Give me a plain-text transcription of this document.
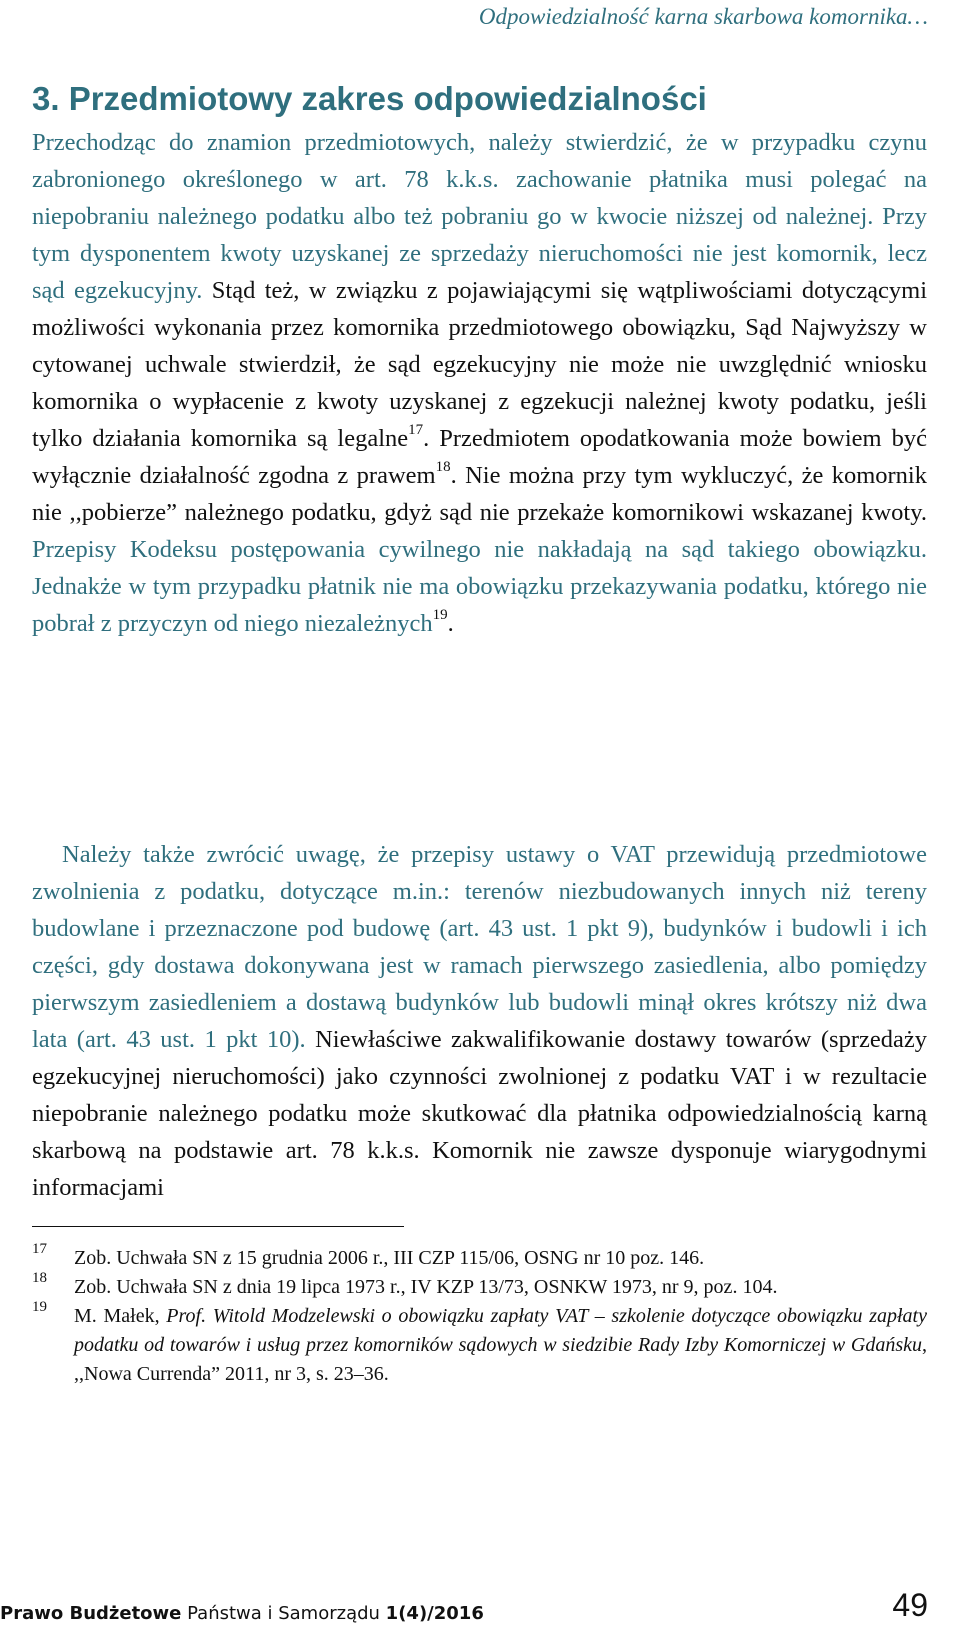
Odpowiedzialność karna skarbowa komornika…
3. Przedmiotowy zakres odpowiedzialności
Przechodząc do znamion przedmiotowych, należy stwierdzić, że w przypadku czynu zabronionego określonego w art. 78 k.k.s. zachowanie płatnika musi polegać na niepobraniu należnego podatku albo też pobraniu go w kwocie niższej od należnej. Przy tym dysponentem kwoty uzyskanej ze sprzedaży nieruchomości nie jest komornik, lecz sąd egzekucyjny. Stąd też, w związku z pojawiającymi się wątpliwościami dotyczącymi możliwości wykonania przez komornika przedmiotowego obowiązku, Sąd Najwyższy w cytowanej uchwale stwierdził, że sąd egzekucyjny nie może nie uwzględnić wniosku komornika o wypłacenie z kwoty uzyskanej z egzekucji należnej kwoty podatku, jeśli tylko działania komornika są legalne$^{17}$. Przedmiotem opodatkowania może bowiem być wyłącznie działalność zgodna z prawem$^{18}$. Nie można przy tym wykluczyć, że komornik nie ,,pobierze” należnego podatku, gdyż sąd nie przekaże komornikowi wskazanej kwoty. Przepisy Kodeksu postępowania cywilnego nie nakładają na sąd takiego obowiązku. Jednakże w tym przypadku płatnik nie ma obowiązku przekazywania podatku, którego nie pobrał z przyczyn od niego niezależnych$^{19}$.
Należy także zwrócić uwagę, że przepisy ustawy o VAT przewidują przedmiotowe zwolnienia z podatku, dotyczące m.in.: terenów niezbudowanych innych niż tereny budowlane i przeznaczone pod budowę (art. 43 ust. 1 pkt 9), budynków i budowli i ich części, gdy dostawa dokonywana jest w ramach pierwszego zasiedlenia, albo pomiędzy pierwszym zasiedleniem a dostawą budynków lub budowli minął okres krótszy niż dwa lata (art. 43 ust. 1 pkt 10). Niewłaściwe zakwalifikowanie dostawy towarów (sprzedaży egzekucyjnej nieruchomości) jako czynności zwolnionej z podatku VAT i w rezultacie niepobranie należnego podatku może skutkować dla płatnika odpowiedzialnością karną skarbową na podstawie art. 78 k.k.s. Komornik nie zawsze dysponuje wiarygodnymi informacjami
17 Zob. Uchwała SN z 15 grudnia 2006 r., III CZP 115/06, OSNG nr 10 poz. 146.
18 Zob. Uchwała SN z dnia 19 lipca 1973 r., IV KZP 13/73, OSNKW 1973, nr 9, poz. 104.
19 M. Małek, Prof. Witold Modzelewski o obowiązku zapłaty VAT – szkolenie dotyczące obowiązku zapłaty podatku od towarów i usług przez komorników sądowych w siedzibie Rady Izby Komorniczej w Gdańsku, ,,Nowa Currenda” 2011, nr 3, s. 23–36.
Prawo Budżetowe Państwa i Samorządu 1(4)/2016	49
